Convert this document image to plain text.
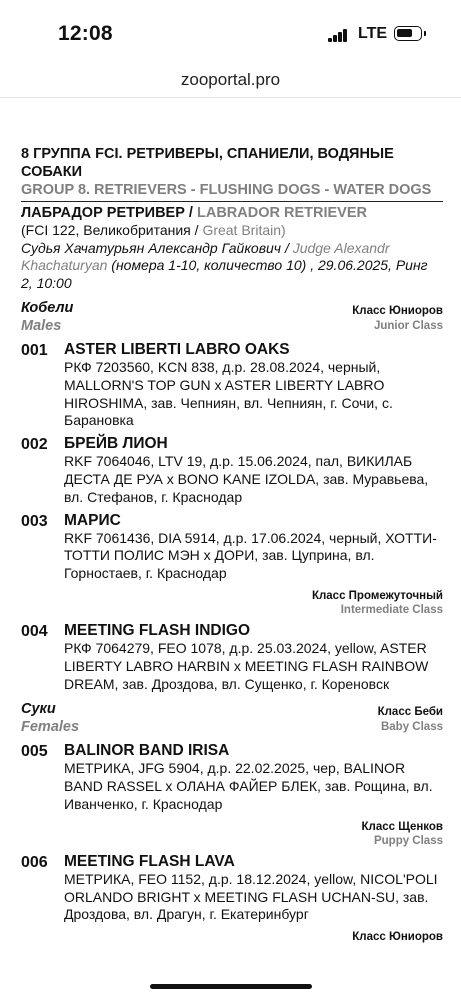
12:08	LTE
zooportal.pro
8 ГРУППА FCI. РЕТРИВЕРЫ, СПАНИЕЛИ, ВОДЯНЫЕ СОБАКИ
GROUP 8. RETRIEVERS - FLUSHING DOGS - WATER DOGS
ЛАБРАДОР РЕТРИВЕР / LABRADOR RETRIEVER
(FCI 122, Великобритания / Great Britain)
Судья Хачатурьян Александр Гайкович / Judge Alexandr Khachaturyan (номера 1-10, количество 10) , 29.06.2025, Ринг 2, 10:00
Кобели
Males
Класс Юниоров
Junior Class
001 ASTER LIBERTI LABRO OAKS
РКФ 7203560, KCN 838, д.р. 28.08.2024, черный, MALLORN'S TOP GUN x ASTER LIBERTY LABRO HIROSHIMA, зав. Чепниян, вл. Чепниян, г. Сочи, с. Барановка
002 БРЕЙВ ЛИОН
RKF 7064046, LTV 19, д.р. 15.06.2024, пал, ВИКИЛАБ ДЕСТА ДЕ РУА x BONO KANE IZOLDA, зав. Муравьева, вл. Стефанов, г. Краснодар
003 МАРИС
RKF 7061436, DIA 5914, д.р. 17.06.2024, черный, ХОТТИ-ТОТТИ ПОЛИС МЭН x ДОРИ, зав. Цуприна, вл. Горностаев, г. Краснодар
Класс Промежуточный
Intermediate Class
004 MEETING FLASH INDIGO
РКФ 7064279, FEO 1078, д.р. 25.03.2024, yellow, ASTER LIBERTY LABRO HARBIN x MEETING FLASH RAINBOW DREAM, зав. Дроздова, вл. Сущенко, г. Кореновск
Суки
Females
Класс Беби
Baby Class
005 BALINOR BAND IRISA
МЕТРИКА, JFG 5904, д.р. 22.02.2025, чер, BALINOR BAND RASSEL x ОЛАНА ФАЙЕР БЛЕК, зав. Рощина, вл. Иванченко, г. Краснодар
Класс Щенков
Puppy Class
006 MEETING FLASH LAVA
МЕТРИКА, FEO 1152, д.р. 18.12.2024, yellow, NICOL'POLI ORLANDO BRIGHT x MEETING FLASH UCHAN-SU, зав. Дроздова, вл. Драгун, г. Екатеринбург
Класс Юниоров
